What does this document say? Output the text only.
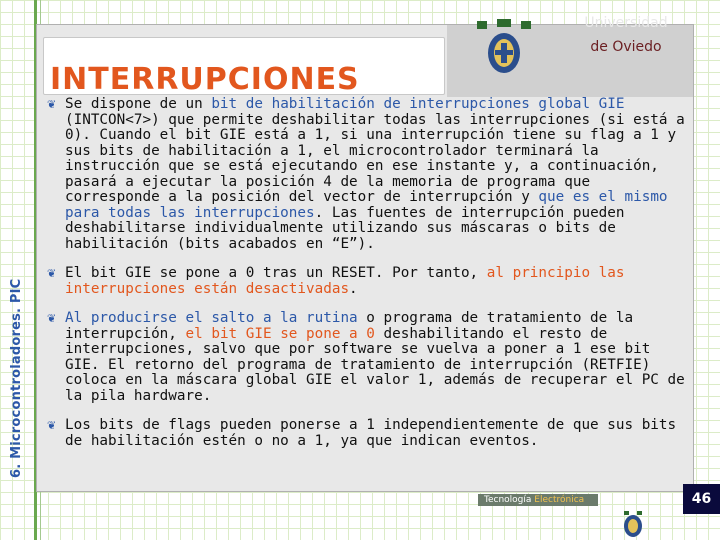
6. Microcontroladores. PIC
INTERRUPCIONES
Universidad
de Oviedo
❦ Se dispone de un bit de habilitación de interrupciones global GIE (INTCON<7>) que permite deshabilitar todas las interrupciones (si está a 0). Cuando el bit GIE está a 1, si una interrupción tiene su flag a 1 y sus bits de habilitación a 1, el microcontrolador terminará la instrucción que se está ejecutando en ese instante y, a continuación, pasará a ejecutar la posición 4 de la memoria de programa que corresponde a la posición del vector de interrupción y que es el mismo para todas las interrupciones. Las fuentes de interrupción pueden deshabilitarse individualmente utilizando sus máscaras o bits de habilitación (bits acabados en “E”).
❦ El bit GIE se pone a 0 tras un RESET. Por tanto, al principio las interrupciones están desactivadas.
❦ Al producirse el salto a la rutina o programa de tratamiento de la interrupción, el bit GIE se pone a 0 deshabilitando el resto de interrupciones, salvo que por software se vuelva a poner a 1 ese bit GIE. El retorno del programa de tratamiento de interrupción (RETFIE) coloca en la máscara global GIE el valor 1, además de recuperar el PC de la pila hardware.
❦ Los bits de flags pueden ponerse a 1 independientemente de que sus bits de habilitación estén o no a 1, ya que indican eventos.
Tecnología Electrónica	46
